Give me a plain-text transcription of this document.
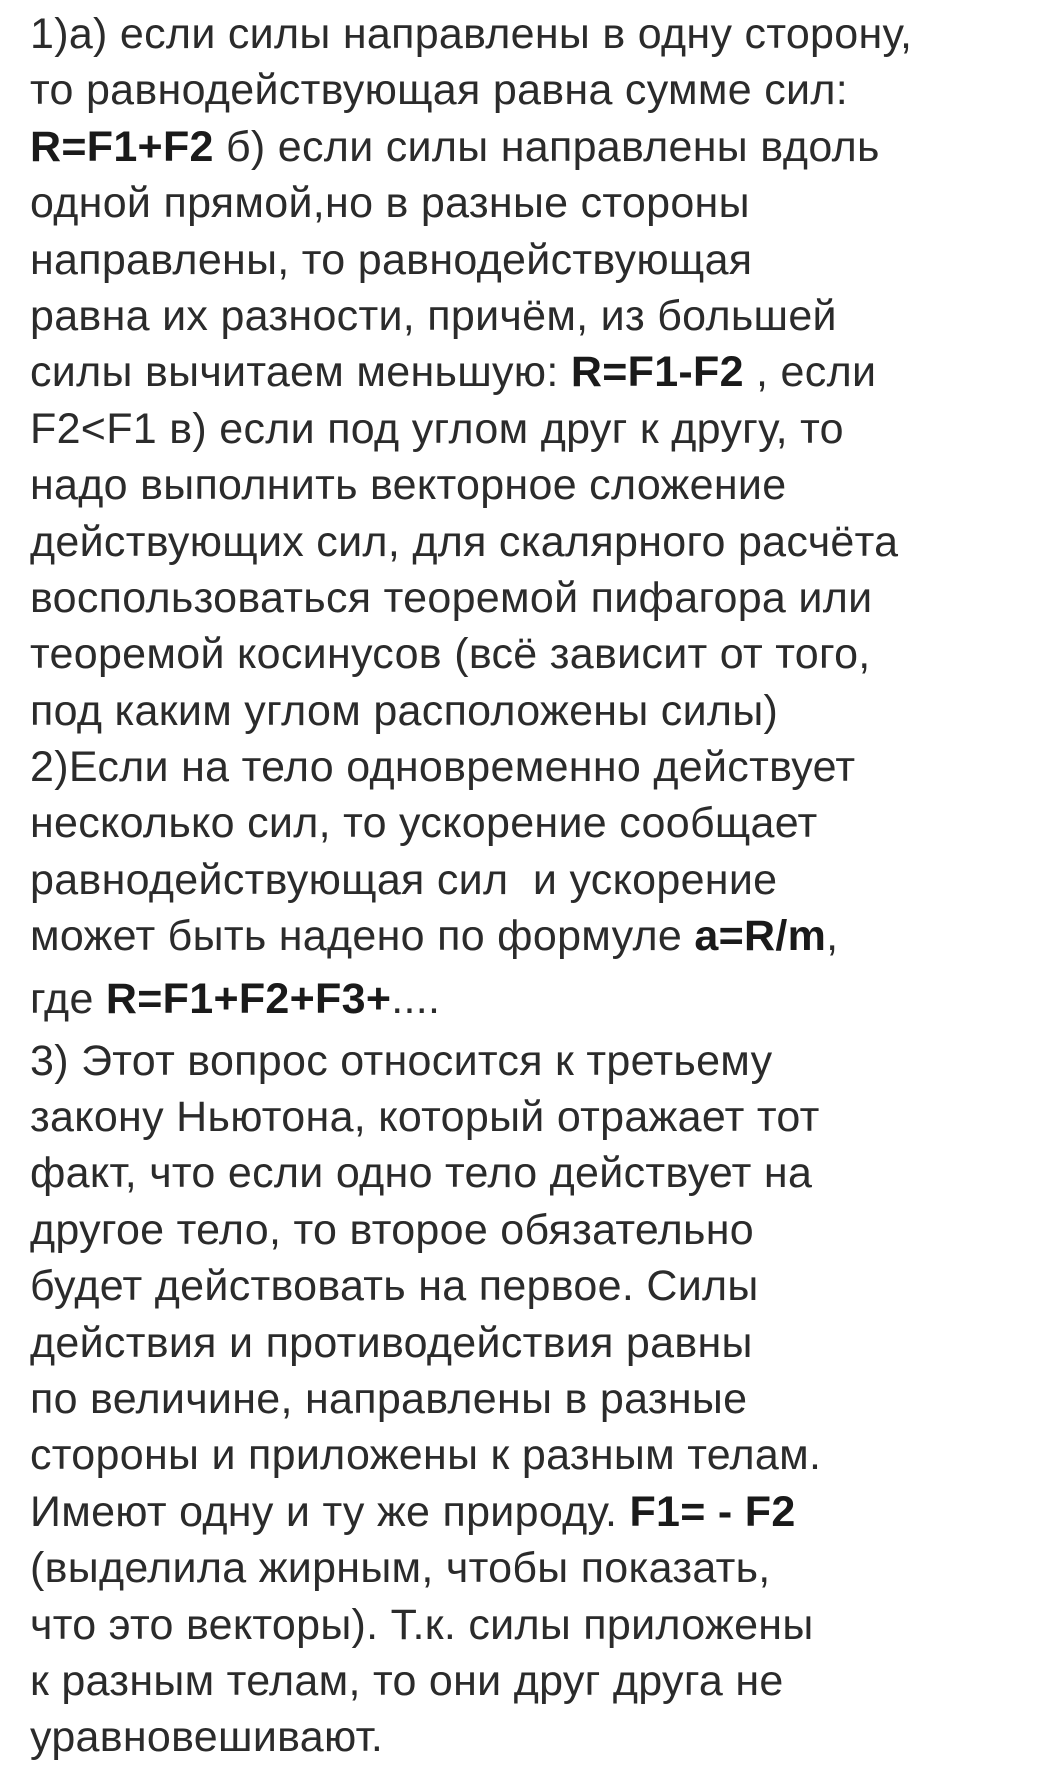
1)а) если силы направлены в одну сторону,
то равнодействующая равна сумме сил:
R=F1+F2 б) если силы направлены вдоль
одной прямой,но в разные стороны
направлены, то равнодействующая
равна их разности, причём, из большей
силы вычитаем меньшую: R=F1-F2 , если
F2<F1 в) если под углом друг к другу, то
надо выполнить векторное сложение
действующих сил, для скалярного расчёта
воспользоваться теоремой пифагора или
теоремой косинусов (всё зависит от того,
под каким углом расположены силы)
2)Если на тело одновременно действует
несколько сил, то ускорение сообщает
равнодействующая сил  и ускорение
может быть надено по формуле a=R/m,
где R=F1+F2+F3+....
3) Этот вопрос относится к третьему
закону Ньютона, который отражает тот
факт, что если одно тело действует на
другое тело, то второе обязательно
будет действовать на первое. Силы
действия и противодействия равны
по величине, направлены в разные
стороны и приложены к разным телам.
Имеют одну и ту же природу. F1= - F2
(выделила жирным, чтобы показать,
что это векторы). Т.к. силы приложены
к разным телам, то они друг друга не
уравновешивают.
